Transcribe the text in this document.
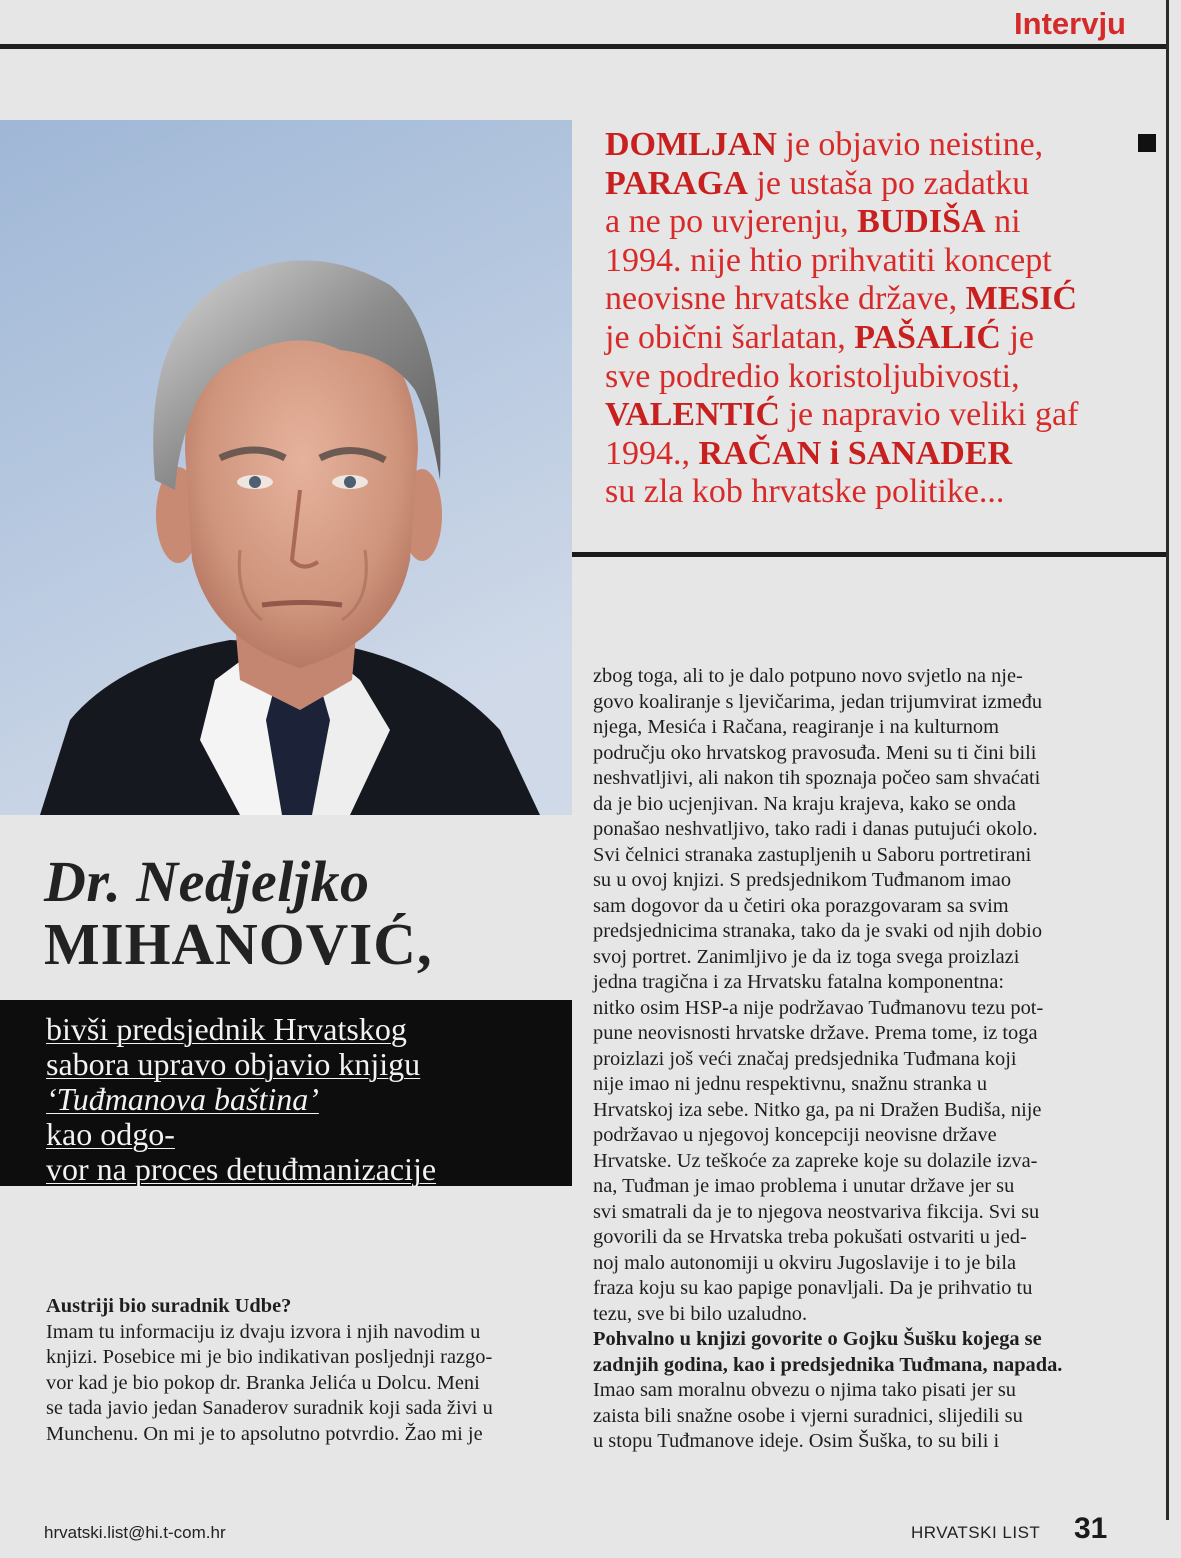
Intervju
DOMLJAN je objavio neistine,
PARAGA je ustaša po zadatku
a ne po uvjerenju, BUDIŠA ni
1994. nije htio prihvatiti koncept
neovisne hrvatske države, MESIĆ
je obični šarlatan, PAŠALIĆ je
sve podredio koristoljubivosti,
VALENTIĆ je napravio veliki gaf
1994., RAČAN i SANADER
su zla kob hrvatske politike...

Dr. Nedjeljko
MIHANOVIĆ,
bivši predsjednik Hrvatskog
sabora upravo objavio knjigu
‘Tuđmanova baština’
kao odgo-
vor na proces detuđmanizacije
Austriji bio suradnik Udbe?
Imam tu informaciju iz dvaju izvora i njih navodim u
knjizi. Posebice mi je bio indikativan posljednji razgo-
vor kad je bio pokop dr. Branka Jelića u Dolcu. Meni
se tada javio jedan Sanaderov suradnik koji sada živi u
Munchenu. On mi je to apsolutno potvrdio. Žao mi je
zbog toga, ali to je dalo potpuno novo svjetlo na nje-
govo koaliranje s ljevičarima, jedan trijumvirat između
njega, Mesića i Račana, reagiranje i na kulturnom
području oko hrvatskog pravosuđa. Meni su ti čini bili
neshvatljivi, ali nakon tih spoznaja počeo sam shvaćati
da je bio ucjenjivan. Na kraju krajeva, kako se onda
ponašao neshvatljivo, tako radi i danas putujući okolo.
Svi čelnici stranaka zastupljenih u Saboru portretirani
su u ovoj knjizi. S predsjednikom Tuđmanom imao
sam dogovor da u četiri oka porazgovaram sa svim
predsjednicima stranaka, tako da je svaki od njih dobio
svoj portret. Zanimljivo je da iz toga svega proizlazi
jedna tragična i za Hrvatsku fatalna komponentna:
nitko osim HSP-a nije podržavao Tuđmanovu tezu pot-
pune neovisnosti hrvatske države. Prema tome, iz toga
proizlazi još veći značaj predsjednika Tuđmana koji
nije imao ni jednu respektivnu, snažnu stranka u
Hrvatskoj iza sebe. Nitko ga, pa ni Dražen Budiša, nije
podržavao u njegovoj koncepciji neovisne države
Hrvatske. Uz teškoće za zapreke koje su dolazile izva-
na, Tuđman je imao problema i unutar države jer su
svi smatrali da je to njegova neostvariva fikcija. Svi su
govorili da se Hrvatska treba pokušati ostvariti u jed-
noj malo autonomiji u okviru Jugoslavije i to je bila
fraza koju su kao papige ponavljali. Da je prihvatio tu
tezu, sve bi bilo uzaludno.
Pohvalno u knjizi govorite o Gojku Šušku kojega se
zadnjih godina, kao i predsjednika Tuđmana, napada.
Imao sam moralnu obvezu o njima tako pisati jer su
zaista bili snažne osobe i vjerni suradnici, slijedili su
u stopu Tuđmanove ideje. Osim Šuška, to su bili i
hrvatski.list@hi.t-com.hr	HRVATSKI LIST 31
